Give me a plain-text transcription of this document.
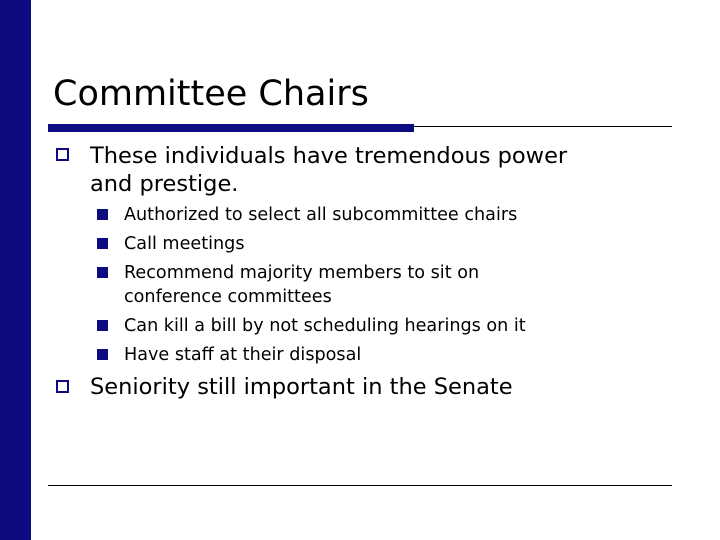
Committee Chairs

These individuals have tremendous power

and prestige.

Authorized to select all subcommittee chairs

Call meetings

Recommend majority members to sit on

conference committees

Can kill a bill by not scheduling hearings on it

Have staff at their disposal

Seniority still important in the Senate
